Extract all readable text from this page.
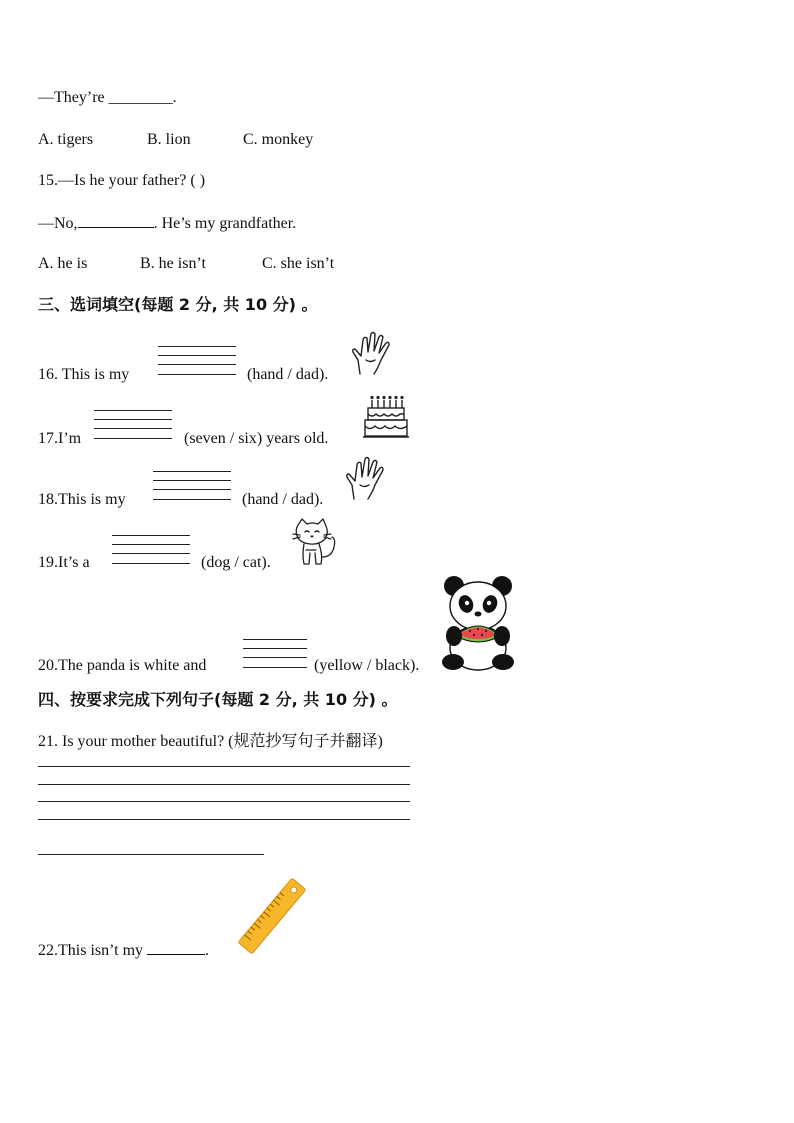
—They’re ________.
A. tigers	B. lion	C. monkey
15.—Is he your father? ( )
—No,	. He’s my grandfather.
A. he is	B. he isn’t	C. she isn’t
三、选词填空(每题 2 分, 共 10 分) 。
16. This is my	(hand / dad).
17.I’m	(seven / six) years old.
18.This is my	(hand / dad).
19.It’s a	(dog / cat).
20.The panda is white and	(yellow / black).
四、按要求完成下列句子(每题 2 分, 共 10 分) 。
21. Is your mother beautiful? (规范抄写句子并翻译)
22.This isn’t my	.
